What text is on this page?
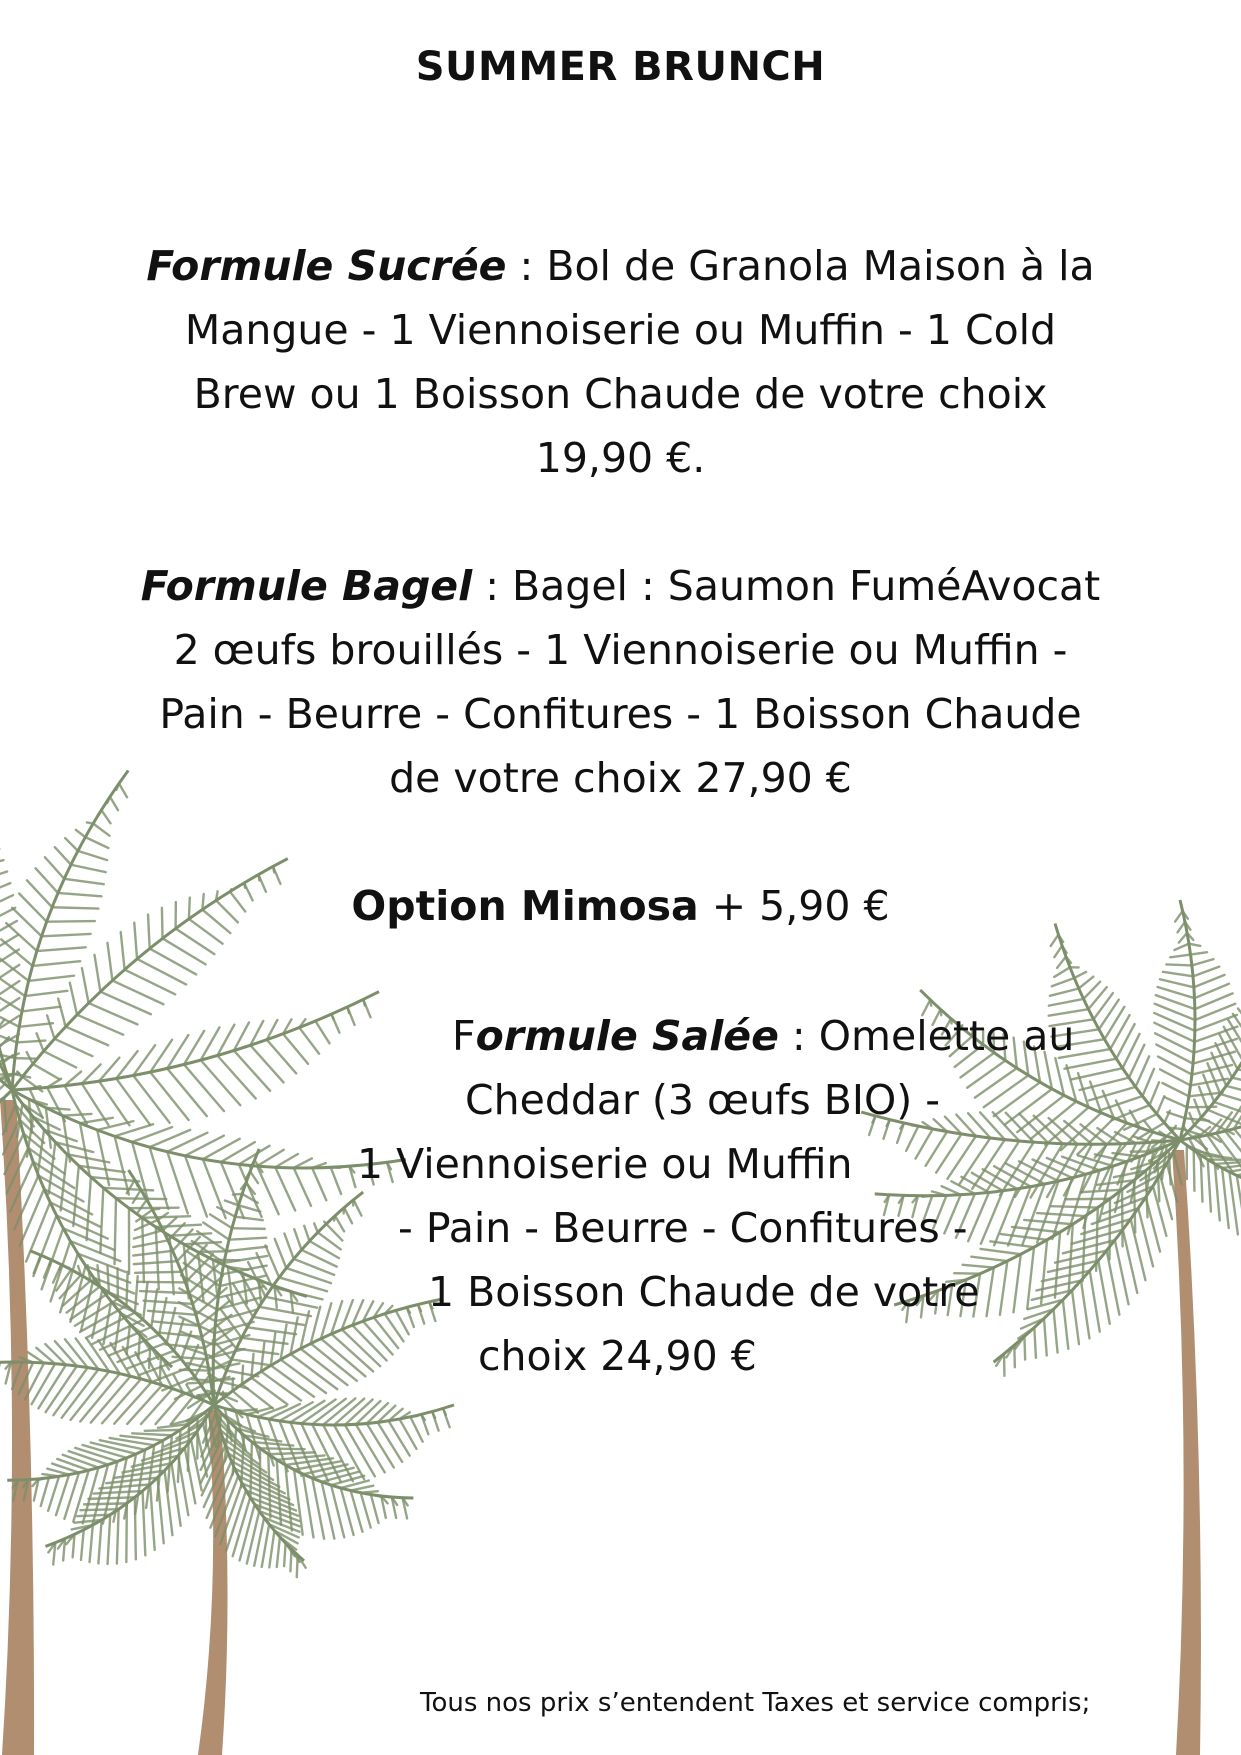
SUMMER BRUNCH
Formule Sucrée : Bol de Granola Maison à la
Mangue - 1 Viennoiserie ou Muffin - 1 Cold
Brew ou 1 Boisson Chaude de votre choix
19,90 €.
Formule Bagel : Bagel : Saumon FuméAvocat
2 œufs brouillés - 1 Viennoiserie ou Muffin -
Pain - Beurre - Confitures - 1 Boisson Chaude
de votre choix 27,90 €
Option Mimosa + 5,90 €
Formule Salée : Omelette au
Cheddar (3 œufs BIO) -
1 Viennoiserie ou Muffin
- Pain - Beurre - Confitures -
1 Boisson Chaude de votre
choix 24,90 €
Tous nos prix s’entendent Taxes et service compris;
